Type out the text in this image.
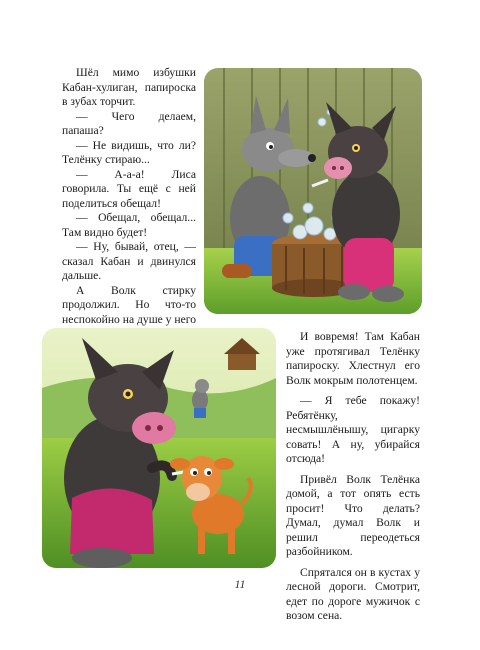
Шёл мимо избушки Кабан-хулиган, папироска в зубах торчит.

— Чего делаем, папаша?

— Не видишь, что ли? Телёнку стираю...

— А-а-а! Лиса говорила. Ты ещё с ней поделиться обещал!

— Обещал, обещал... Там видно будет!

— Ну, бывай, отец, — сказал Кабан и двинулся дальше.

А Волк стирку продолжил. Но что-то неспокойно на душе у него

И вовремя! Там Кабан уже протягивал Телёнку папироску. Хлестнул его Волк мокрым полотенцем.

— Я тебе покажу! Ребятёнку, несмышлёнышу, цигарку совать! А ну, убирайся отсюда!

Привёл Волк Телёнка домой, а тот опять есть просит! Что делать? Думал, думал Волк и решил переодеться разбойником.

Спрятался он в кустах у лесной дороги. Смотрит, едет по дороге мужичок с возом сена.

11
